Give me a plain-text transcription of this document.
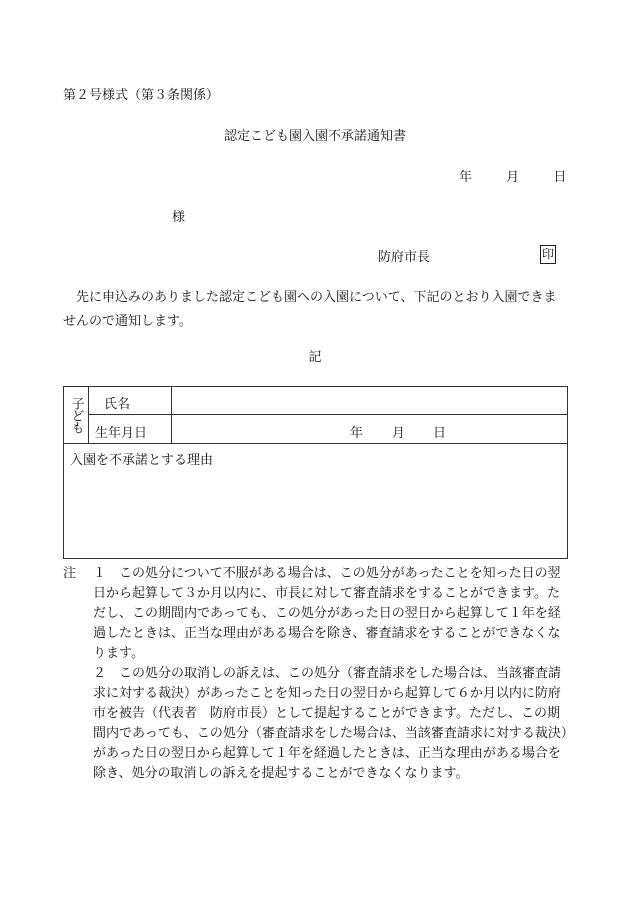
第２号様式（第３条関係）
認定こども園入園不承諾通知書
年	月	日
様
防府市長	印
先に申込みのありました認定こども園への入園について、下記のとおり入園できませんので通知します。
記
子ども 氏名
生年月日	年 月 日
入園を不承諾とする理由
注 １ この処分について不服がある場合は、この処分があったことを知った日の翌日から起算して３か月以内に、市長に対して審査請求をすることができます。ただし、この期間内であっても、この処分があった日の翌日から起算して１年を経過したときは、正当な理由がある場合を除き、審査請求をすることができなくなります。
２ この処分の取消しの訴えは、この処分（審査請求をした場合は、当該審査請求に対する裁決）があったことを知った日の翌日から起算して６か月以内に防府市を被告（代表者　防府市長）として提起することができます。ただし、この期間内であっても、この処分（審査請求をした場合は、当該審査請求に対する裁決）があった日の翌日から起算して１年を経過したときは、正当な理由がある場合を除き、処分の取消しの訴えを提起することができなくなります。
